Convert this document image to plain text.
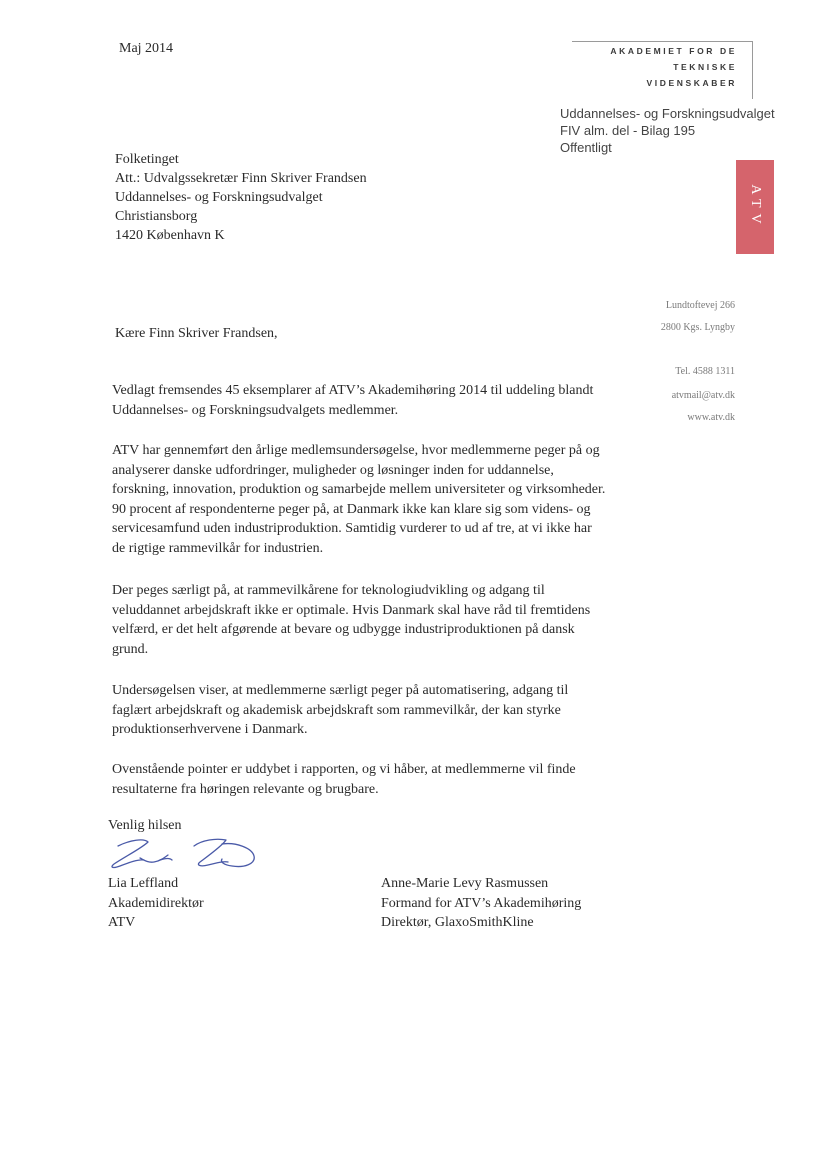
Maj 2014	AKADEMIET FOR DE
TEKNISKE
VIDENSKABER
Uddannelses- og Forskningsudvalget
FIV alm. del - Bilag 195
Offentligt
ATV
Folketinget
Att.: Udvalgssekretær Finn Skriver Frandsen
Uddannelses- og Forskningsudvalget
Christiansborg
1420 København K
Lundtoftevej 266
2800 Kgs. Lyngby
Tel. 4588 1311
atvmail@atv.dk
www.atv.dk
Kære Finn Skriver Frandsen,

Vedlagt fremsendes 45 eksemplarer af ATV’s Akademihøring 2014 til uddeling blandt Uddannelses- og Forskningsudvalgets medlemmer.

ATV har gennemført den årlige medlemsundersøgelse, hvor medlemmerne peger på og analyserer danske udfordringer, muligheder og løsninger inden for uddannelse, forskning, innovation, produktion og samarbejde mellem universiteter og virksomheder. 90 procent af respondenterne peger på, at Danmark ikke kan klare sig som videns- og servicesamfund uden industriproduktion. Samtidig vurderer to ud af tre, at vi ikke har de rigtige rammevilkår for industrien.

Der peges særligt på, at rammevilkårene for teknologiudvikling og adgang til veluddannet arbejdskraft ikke er optimale. Hvis Danmark skal have råd til fremtidens velfærd, er det helt afgørende at bevare og udbygge industriproduktionen på dansk grund.

Undersøgelsen viser, at medlemmerne særligt peger på automatisering, adgang til faglært arbejdskraft og akademisk arbejdskraft som rammevilkår, der kan styrke produktionserhvervene i Danmark.

Ovenstående pointer er uddybet i rapporten, og vi håber, at medlemmerne vil finde resultaterne fra høringen relevante og brugbare.

Venlig hilsen
Lia Leffland
Akademidirektør
ATV
Anne-Marie Levy Rasmussen
Formand for ATV’s Akademihøring
Direktør, GlaxoSmithKline
